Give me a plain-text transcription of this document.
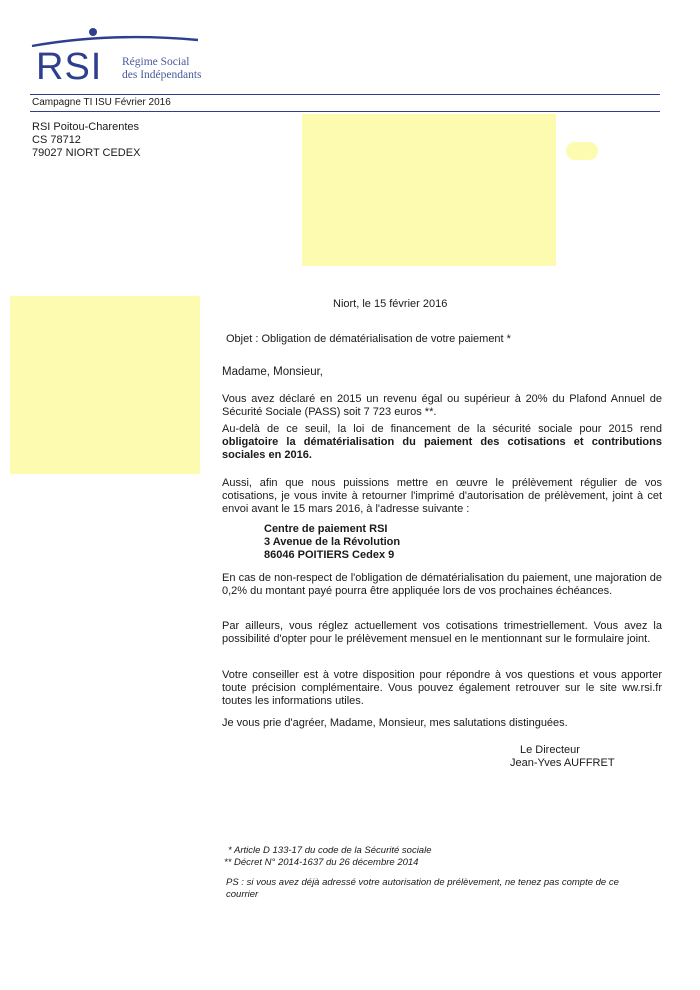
RSI Régime Social
des Indépendants
Campagne TI ISU Février 2016
RSI Poitou-Charentes
CS 78712
79027 NIORT CEDEX
Niort, le 15 février 2016
Objet : Obligation de dématérialisation de votre paiement *
Madame, Monsieur,

Vous avez déclaré en 2015 un revenu égal ou supérieur à 20% du Plafond Annuel de Sécurité Sociale (PASS) soit 7 723 euros **.

Au-delà de ce seuil, la loi de financement de la sécurité sociale pour 2015 rend obligatoire la dématérialisation du paiement des cotisations et contributions sociales en 2016.

Aussi, afin que nous puissions mettre en œuvre le prélèvement régulier de vos cotisations, je vous invite à retourner l'imprimé d'autorisation de prélèvement, joint à cet envoi avant le 15 mars 2016, à l'adresse suivante :

Centre de paiement RSI
3 Avenue de la Révolution
86046 POITIERS Cedex 9

En cas de non-respect de l'obligation de dématérialisation du paiement, une majoration de 0,2% du montant payé pourra être appliquée lors de vos prochaines échéances.

Par ailleurs, vous réglez actuellement vos cotisations trimestriellement. Vous avez la possibilité d'opter pour le prélèvement mensuel en le mentionnant sur le formulaire joint.

Votre conseiller est à votre disposition pour répondre à vos questions et vous apporter toute précision complémentaire. Vous pouvez également retrouver sur le site ww.rsi.fr toutes les informations utiles.

Je vous prie d'agréer, Madame, Monsieur, mes salutations distinguées.

Le Directeur
Jean-Yves AUFFRET
* Article D 133-17 du code de la Sécurité sociale
** Décret N° 2014-1637 du 26 décembre 2014
PS : si vous avez déjà adressé votre autorisation de prélèvement, ne tenez pas compte de ce courrier
